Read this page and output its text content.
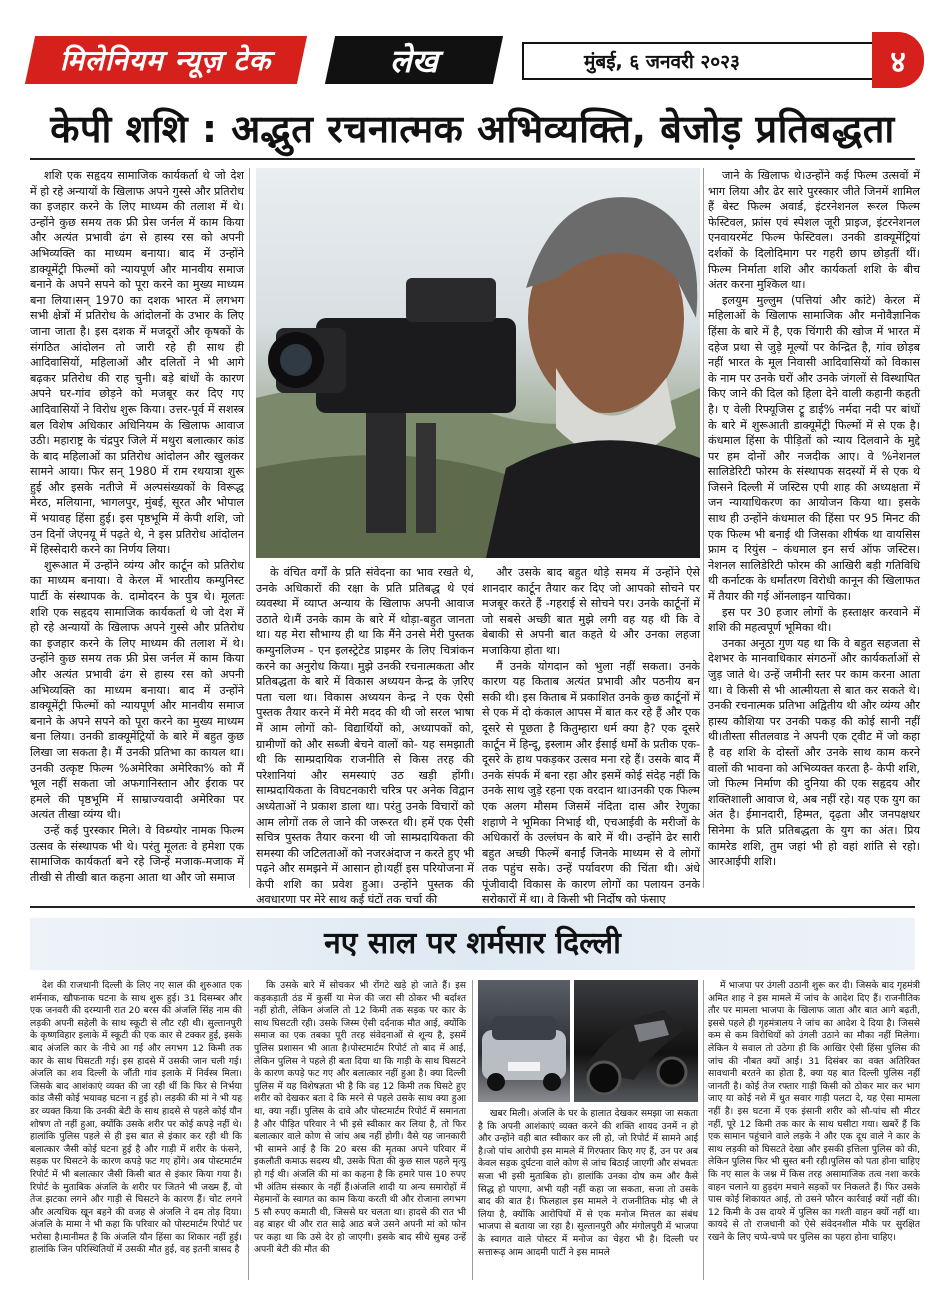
मिलेनियम न्यूज़ टेक	लेख	मुंबई, ६ जनवरी २०२३	४
केपी शशि : अद्भुत रचनात्मक अभिव्यक्ति, बेजोड़ प्रतिबद्धता

शशि एक सहृदय सामाजिक कार्यकर्ता थे जो देश में हो रहे अन्यायों के खिलाफ अपने गुस्से और प्रतिरोध का इजहार करने के लिए माध्यम की तलाश में थे। उन्होंने कुछ समय तक फ्री प्रेस जर्नल में काम किया और अत्यंत प्रभावी ढंग से हास्य रस को अपनी अभिव्यक्ति का माध्यम बनाया। बाद में उन्होंने डाक्यूमेंट्री फिल्मों को न्यायपूर्ण और मानवीय समाज बनाने के अपने सपने को पूरा करने का मुख्य माध्यम बना लिया।सन् 1970 का दशक भारत में लगभग सभी क्षेत्रों में प्रतिरोध के आंदोलनों के उभार के लिए जाना जाता है। इस दशक में मजदूरों और कृषकों के संगठित आंदोलन तो जारी रहे ही साथ ही आदिवासियों, महिलाओं और दलितों ने भी आगे बढ़कर प्रतिरोध की राह चुनी। बड़े बांधों के कारण अपने घर-गांव छोड़ने को मजबूर कर दिए गए आदिवासियों ने विरोध शुरू किया। उत्तर-पूर्व में सशस्त्र बल विशेष अधिकार अधिनियम के खिलाफ आवाज उठी। महाराष्ट्र के चंद्रपुर जिले में मथुरा बलात्कार कांड के बाद महिलाओं का प्रतिरोध आंदोलन और खुलकर सामने आया। फिर सन् 1980 में राम रथयात्रा शुरू हुई और इसके नतीजे में अल्पसंख्यकों के विरूद्ध मेरठ, मलियाना, भागलपुर, मुंबई, सूरत और भोपाल में भयावह हिंसा हुई। इस पृष्ठभूमि में केपी शशि, जो उन दिनों जेएनयू में पढ़ते थे, ने इस प्रतिरोध आंदोलन में हिस्सेदारी करने का निर्णय लिया।

शुरूआत में उन्होंने व्यंग्य और कार्टून को प्रतिरोध का माध्यम बनाया। वे केरल में भारतीय कम्युनिस्ट पार्टी के संस्थापक के. दामोदरन के पुत्र थे। मूलतः शशि एक सहृदय सामाजिक कार्यकर्ता थे जो देश में हो रहे अन्यायों के खिलाफ अपने गुस्से और प्रतिरोध का इजहार करने के लिए माध्यम की तलाश में थे। उन्होंने कुछ समय तक फ्री प्रेस जर्नल में काम किया और अत्यंत प्रभावी ढंग से हास्य रस को अपनी अभिव्यक्ति का माध्यम बनाया। बाद में उन्होंने डाक्यूमेंट्री फिल्मों को न्यायपूर्ण और मानवीय समाज बनाने के अपने सपने को पूरा करने का मुख्य माध्यम बना लिया। उनकी डाक्यूमेंट्रियों के बारे में बहुत कुछ लिखा जा सकता है। मैं उनकी प्रतिभा का कायल था। उनकी उत्कृष्ट फिल्म %अमेरिका अमेरिका% को मैं भूल नहीं सकता जो अफगानिस्तान और ईराक पर हमले की पृष्ठभूमि में साम्राज्यवादी अमेरिका पर अत्यंत तीखा व्यंग्य थी।

उन्हें कई पुरस्कार मिले। वे विब्ग्योर नामक फिल्म उत्सव के संस्थापक भी थे। परंतु मूलतः वे हमेशा एक सामाजिक कार्यकर्ता बने रहे जिन्हें मजाक-मजाक में तीखी से तीखी बात कहना आता था और जो समाज

के वंचित वर्गों के प्रति संवेदना का भाव रखते थे, उनके अधिकारों की रक्षा के प्रति प्रतिबद्ध थे एवं व्यवस्था में व्याप्त अन्याय के खिलाफ अपनी आवाज उठाते थे।मैं उनके काम के बारे में थोड़ा-बहुत जानता था। यह मेरा सौभाग्य ही था कि मैंने उनसे मेरी पुस्तक कम्युनलिज्म - एन इलस्ट्रेटेड प्राइमर के लिए चित्रांकन करने का अनुरोध किया। मुझे उनकी रचनात्मकता और प्रतिबद्धता के बारे में विकास अध्ययन केन्द्र के ज़रिए पता चला था। विकास अध्ययन केन्द्र ने एक ऐसी पुस्तक तैयार करने में मेरी मदद की थी जो सरल भाषा में आम लोगों को- विद्यार्थियों को, अध्यापकों को, ग्रामीणों को और सब्जी बेचने वालों को- यह समझाती थी कि साम्प्रदायिक राजनीति से किस तरह की परेशानियां और समस्याएं उठ खड़ी होंगी। साम्प्रदायिकता के विघटनकारी चरित्र पर अनेक विद्वान अध्येताओं ने प्रकाश डाला था। परंतु उनके विचारों को आम लोगों तक ले जाने की जरूरत थी। हमें एक ऐसी सचित्र पुस्तक तैयार करना थी जो साम्प्रदायिकता की समस्या की जटिलताओं को नजरअंदाज न करते हुए भी पढ़ने और समझने में आसान हो।यहीं इस परियोजना में केपी शशि का प्रवेश हुआ। उन्होंने पुस्तक की अवधारणा पर मेरे साथ कई घंटों तक चर्चा की

और उसके बाद बहुत थोड़े समय में उन्होंने ऐसे शानदार कार्टून तैयार कर दिए जो आपको सोचने पर मजबूर करते हैं -गहराई से सोचने पर। उनके कार्टूनों में जो सबसे अच्छी बात मुझे लगी वह यह थी कि वे बेबाकी से अपनी बात कहते थे और उनका लहजा मजाकिया होता था।

मैं उनके योगदान को भुला नहीं सकता। उनके कारण यह किताब अत्यंत प्रभावी और पठनीय बन सकी थी। इस किताब में प्रकाशित उनके कुछ कार्टूनों में से एक में दो कंकाल आपस में बात कर रहे हैं और एक दूसरे से पूछता है कितुम्हारा धर्म क्या है? एक दूसरे कार्टून में हिन्दू, इस्लाम और ईसाई धर्मों के प्रतीक एक-दूसरे के हाथ पकड़कर उत्सव मना रहे हैं। उसके बाद मैं उनके संपर्क में बना रहा और इसमें कोई संदेह नहीं कि उनके साथ जुड़े रहना एक वरदान था।उनकी एक फिल्म एक अलग मौसम जिसमें नंदिता दास और रेणुका शहाणे ने भूमिका निभाई थी, एचआईवी के मरीजों के अधिकारों के उल्लंघन के बारे में थी। उन्होंने ढेर सारी बहुत अच्छी फिल्में बनाईं जिनके माध्यम से वे लोगों तक पहुंच सके। उन्हें पर्यावरण की चिंता थी। अंधे पूंजीवादी विकास के कारण लोगों का पलायन उनके सरोकारों में था। वे किसी भी निर्दोष को फंसाए

जाने के खिलाफ थे।उन्होंने कई फिल्म उत्सवों में भाग लिया और ढेर सारे पुरस्कार जीते जिनमें शामिल हैं बेस्ट फिल्म अवार्ड, इंटरनेशनल रूरल फिल्म फेस्टिवल, फ्रांस एवं स्पेशल जूरी प्राइज, इंटरनेशनल एनवायरमेंट फिल्म फेस्टिवल। उनकी डाक्यूमेंट्रियां दर्शकों के दिलोदिमाग पर गहरी छाप छोड़तीं थीं। फिल्म निर्माता शशि और कार्यकर्ता शशि के बीच अंतर करना मुश्किल था।

इलयुम मुल्लुम (पत्तियां और कांटे) केरल में महिलाओं के खिलाफ सामाजिक और मनोवैज्ञानिक हिंसा के बारे में है, एक चिंगारी की खोज में भारत में दहेज प्रथा से जुड़े मूल्यों पर केन्द्रित है, गांव छोड़ब नहीं भारत के मूल निवासी आदिवासियों को विकास के नाम पर उनके घरों और उनके जंगलों से विस्थापित किए जाने की दिल को हिला देने वाली कहानी कहती है। ए वेली रिफ्यूजिस ट्रू डाई% नर्मदा नदी पर बांधों के बारे में शुरूआती डाक्यूमेंट्री फिल्मों में से एक है।कंधमाल हिंसा के पीड़ितों को न्याय दिलवाने के मुद्दे पर हम दोनों और नजदीक आए। वे %नेशनल सालिडेरिटी फोरम के संस्थापक सदस्यों में से एक थे जिसने दिल्ली में जस्टिस एपी शाह की अध्यक्षता में जन न्यायाधिकरण का आयोजन किया था। इसके साथ ही उन्होंने कंधमाल की हिंसा पर 95 मिनट की एक फिल्म भी बनाई थी जिसका शीर्षक था वायसिस फ्राम द रियुंस – कंधमाल इन सर्च ऑफ जस्टिस।नेशनल सालिडेरिटी फोरम की आखिरी बड़ी गतिविधि थी कर्नाटक के धर्मांतरण विरोधी कानून की खिलाफत में तैयार की गई ऑनलाइन याचिका।

इस पर 30 हजार लोगों के हस्ताक्षर करवाने में शशि की महत्वपूर्ण भूमिका थी।

उनका अनूठा गुण यह था कि वे बहुत सहजता से देशभर के मानवाधिकार संगठनों और कार्यकर्ताओं से जुड़ जाते थे। उन्हें जमीनी स्तर पर काम करना आता था। वे किसी से भी आत्मीयता से बात कर सकते थे। उनकी रचनात्मक प्रतिभा अद्वितीय थी और व्यंग्य और हास्य कौशिया पर उनकी पकड़ की कोई सानी नहीं थी।तीस्ता सीतलवाड ने अपनी एक ट्वीट में जो कहा है वह शशि के दोस्तों और उनके साथ काम करने वालों की भावना को अभिव्यक्त करता है- केपी शशि, जो फिल्म निर्माण की दुनिया की एक सहृदय और शक्तिशाली आवाज थे, अब नहीं रहे। यह एक युग का अंत है। ईमानदारी, हिम्मत, दृढ़ता और जनपक्षधर सिनेमा के प्रति प्रतिबद्धता के युग का अंत। प्रिय कामरेड शशि, तुम जहां भी हो वहां शांति से रहो। आरआईपी शशि।

नए साल पर शर्मसार दिल्ली

देश की राजधानी दिल्ली के लिए नए साल की शुरुआत एक शर्मनाक, खौफनाक घटना के साथ शुरू हुई। 31 दिसम्बर और एक जनवरी की दरम्यानी रात 20 बरस की अंजलि सिंह नाम की लड़की अपनी सहेली के साथ स्कूटी से लौट रही थी। सुल्तानपुरी के कृष्णविहार इलाके में स्कूटी की एक कार से टक्कर हुई, इसके बाद अंजलि कार के नीचे आ गई और लगभग 12 किमी तक कार के साथ घिसटती गई। इस हादसे में उसकी जान चली गई।अंजलि का शव दिल्ली के जौंती गांव इलाके में निर्वस्त्र मिला। जिसके बाद आशंकाएं व्यक्त की जा रही थीं कि फिर से निर्भया कांड जैसी कोई भयावह घटना न हुई हो। लड़की की मां ने भी यह डर व्यक्त किया कि उनकी बेटी के साथ हादसे से पहले कोई यौन शोषण तो नहीं हुआ, क्योंकि उसके शरीर पर कोई कपड़े नहीं थे।हालांकि पुलिस पहले से ही इस बात से इंकार कर रही थी कि बलात्कार जैसी कोई घटना हुई है और गाड़ी में शरीर के फंसने, सड़क पर घिसटने के कारण कपड़े फट गए होंगे। अब पोस्टमार्टम रिपोर्ट में भी बलात्कार जैसी किसी बात से इंकार किया गया है। रिपोर्ट के मुताबिक अंजलि के शरीर पर जितने भी जख्म हैं, वो तेज झटका लगने और गाड़ी से घिसटने के कारण हैं। चोट लगने और अत्यधिक खून बहने की वजह से अंजलि ने दम तोड़ दिया। अंजलि के मामा ने भी कहा कि परिवार को पोस्टमार्टम रिपोर्ट पर भरोसा है।मानीमत है कि अंजलि यौन हिंसा का शिकार नहीं हुई। हालांकि जिन परिस्थितियों में उसकी मौत हुई, वह इतनी त्रासद है

कि उसके बारे में सोचकर भी रोंगटे खड़े हो जाते हैं। इस कड़कड़ाती ठंड में कुर्सी या मेज की जरा सी ठोकर भी बर्दाश्त नहीं होती, लेकिन अंजलि तो 12 किमी तक सड़क पर कार के साथ घिसटती रही। उसके जिस्म ऐसी दर्दनाक मौत आई, क्योंकि समाज का एक तबका पूरी तरह संवेदनाओं से शून्य है, इसमें पुलिस प्रशासन भी आता है।पोस्टमार्टम रिपोर्ट तो बाद में आई, लेकिन पुलिस ने पहले ही बता दिया था कि गाड़ी के साथ घिसटने के कारण कपड़े फट गए और बलात्कार नहीं हुआ है। क्या दिल्ली पुलिस में यह विशेषज्ञता भी है कि वह 12 किमी तक घिसटे हुए शरीर को देखकर बता दे कि मरने से पहले उसके साथ क्या हुआ था, क्या नहीं। पुलिस के दावे और पोस्टमार्टम रिपोर्ट में समानता है और पीड़ित परिवार ने भी इसे स्वीकार कर लिया है, तो फिर बलात्कार वाले कोण से जांच अब नहीं होगी। वैसे यह जानकारी भी सामने आई है कि 20 बरस की मृतका अपने परिवार में इकलौती कमाऊ सदस्य थी, उसके पिता की कुछ साल पहले मृत्यु हो गई थी। अंजलि की मां का कहना है कि हमारे पास 10 रुपए भी अंतिम संस्कार के नहीं हैं।अंजलि शादी या अन्य समारोहों में मेहमानों के स्वागत का काम किया करती थी और रोजाना लगभग 5 सौ रुपए कमाती थी, जिससे घर चलता था। हादसे की रात भी वह बाहर थी और रात साढ़े आठ बजे उसने अपनी मां को फोन पर कहा था कि उसे देर हो जाएगी। इसके बाद सीधे सुबह उन्हें अपनी बेटी की मौत की

खबर मिली। अंजलि के घर के हालात देखकर समझा जा सकता है कि अपनी आशंकाएं व्यक्त करने की शक्ति शायद उनमें न हो और उन्होंने वही बात स्वीकार कर ली हो, जो रिपोर्ट में सामने आई है।जो पांच आरोपी इस मामले में गिरफ्तार किए गए हैं, उन पर अब केवल सड़क दुर्घटना वाले कोण से जांच बिठाई जाएगी और संभवतः सजा भी इसी मुताबिक हो। हालांकि उनका दोष कम और कैसे सिद्ध हो पाएगा, अभी यही नहीं कहा जा सकता, सजा तो उसके बाद की बात है। फिलहाल इस मामले ने राजनीतिक मोड़ भी ले लिया है, क्योंकि आरोपियों में से एक मनोज मित्तल का संबंध भाजपा से बताया जा रहा है। सुल्तानपुरी और मंगोलपुरी में भाजपा के स्वागत वाले पोस्टर में मनोज का चेहरा भी है। दिल्ली पर सत्तारूढ़ आम आदमी पार्टी ने इस मामले

में भाजपा पर उंगली उठानी शुरू कर दी। जिसके बाद गृहमंत्री अमित शाह ने इस मामले में जांच के आदेश दिए हैं। राजनीतिक तौर पर मामला भाजपा के खिलाफ जाता और बात आगे बढ़ती, इससे पहले ही गृहमंत्रालय ने जांच का आदेश दे दिया है। जिससे कम से कम विरोधियों को उंगली उठाने का मौका नहीं मिलेगा। लेकिन ये सवाल तो उठेगा ही कि आखिर ऐसी हिंसा पुलिस की जांच की नौबत क्यों आई। 31 दिसंबर का वक्त अतिरिक्त सावधानी बरतने का होता है, क्या यह बात दिल्ली पुलिस नहीं जानती है। कोई तेज रफ्तार गाड़ी किसी को ठोकर मार कर भाग जाए या कोई नशे में धुत सवार गाड़ी पलटा दे, यह ऐसा मामला नहीं है। इस घटना में एक इंसानी शरीर को सौ-पांच सौ मीटर नहीं, पूरे 12 किमी तक कार के साथ घसीटा गया। खबरें हैं कि एक सामान पहुंचाने वाले लड़के ने और एक दूध वाले ने कार के साथ लड़की को घिसटते देखा और इसकी इत्तिला पुलिस को की, लेकिन पुलिस फिर भी सुस्त बनी रही।पुलिस को पता होना चाहिए कि नए साल के जश्न में किस तरह असामाजिक तत्व नशा करके वाहन चलाने या हुड़दंग मचाने सड़कों पर निकलते हैं। फिर उसके पास कोई शिकायत आई, तो उसने फौरन कार्रवाई क्यों नहीं की। 12 किमी के उस दायरे में पुलिस का गश्ती वाहन क्यों नहीं था। कायदे से तो राजधानी को ऐसे संवेदनशील मौके पर सुरक्षित रखने के लिए चप्पे-चप्पे पर पुलिस का पहरा होना चाहिए।
